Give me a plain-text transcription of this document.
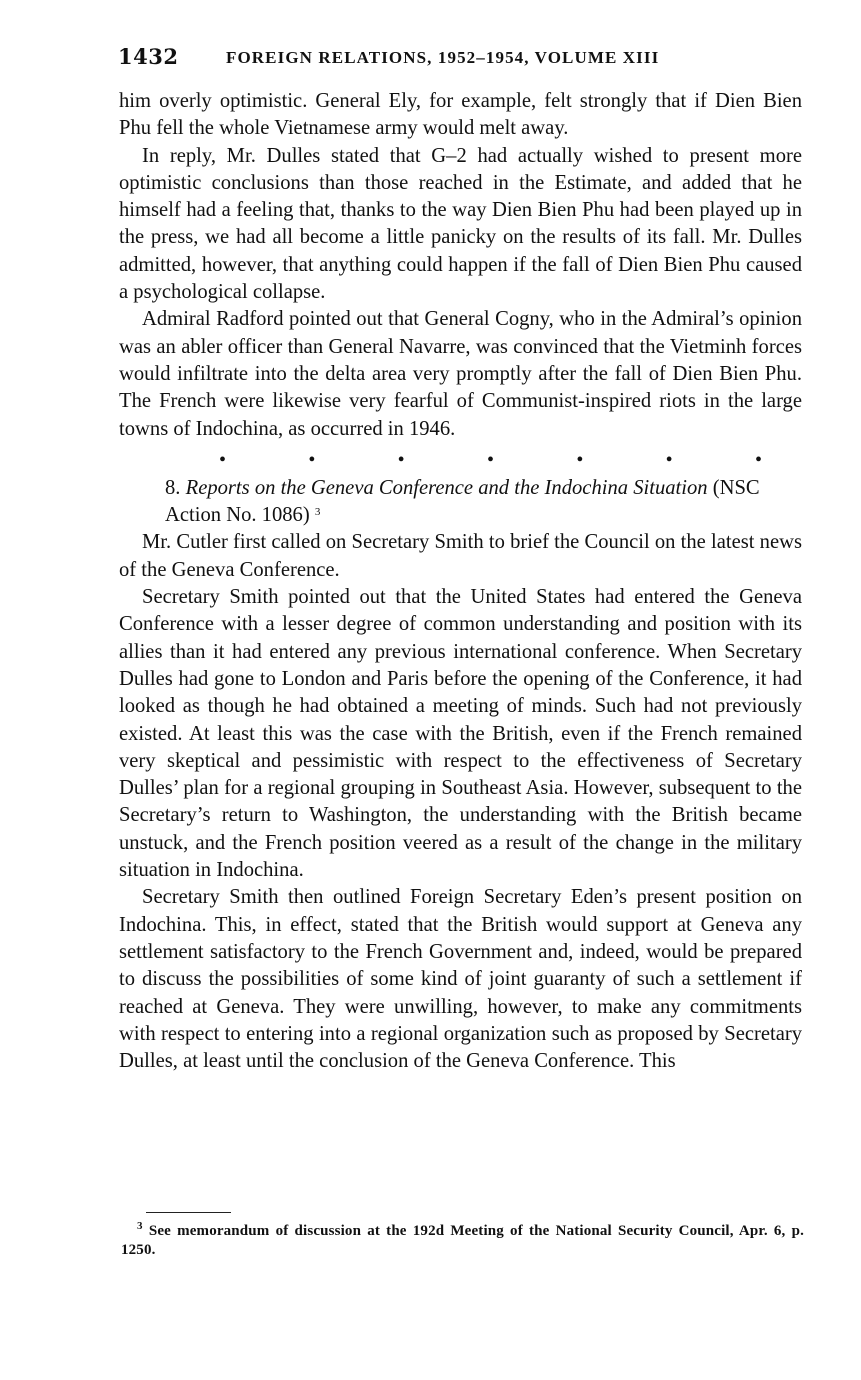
1432	FOREIGN RELATIONS, 1952–1954, VOLUME XIII

him overly optimistic. General Ely, for example, felt strongly that if Dien Bien Phu fell the whole Vietnamese army would melt away.

In reply, Mr. Dulles stated that G–2 had actually wished to present more optimistic conclusions than those reached in the Estimate, and added that he himself had a feeling that, thanks to the way Dien Bien Phu had been played up in the press, we had all become a little panicky on the results of its fall. Mr. Dulles admitted, however, that anything could happen if the fall of Dien Bien Phu caused a psychological collapse.

Admiral Radford pointed out that General Cogny, who in the Admiral’s opinion was an abler officer than General Navarre, was convinced that the Vietminh forces would infiltrate into the delta area very promptly after the fall of Dien Bien Phu. The French were likewise very fearful of Communist-inspired riots in the large towns of Indochina, as occurred in 1946.

•	•	•	•	•	•	•

8. Reports on the Geneva Conference and the Indochina Situation (NSC Action No. 1086) $^3$

Mr. Cutler first called on Secretary Smith to brief the Council on the latest news of the Geneva Conference.

Secretary Smith pointed out that the United States had entered the Geneva Conference with a lesser degree of common understanding and position with its allies than it had entered any previous international conference. When Secretary Dulles had gone to London and Paris before the opening of the Conference, it had looked as though he had obtained a meeting of minds. Such had not previously existed. At least this was the case with the British, even if the French remained very skeptical and pessimistic with respect to the effectiveness of Secretary Dulles’ plan for a regional grouping in Southeast Asia. However, subsequent to the Secretary’s return to Washington, the understanding with the British became unstuck, and the French position veered as a result of the change in the military situation in Indochina.

Secretary Smith then outlined Foreign Secretary Eden’s present position on Indochina. This, in effect, stated that the British would support at Geneva any settlement satisfactory to the French Government and, indeed, would be prepared to discuss the possibilities of some kind of joint guaranty of such a settlement if reached at Geneva. They were unwilling, however, to make any commitments with respect to entering into a regional organization such as proposed by Secretary Dulles, at least until the conclusion of the Geneva Conference. This

$^3$ See memorandum of discussion at the 192d Meeting of the National Security Council, Apr. 6, p. 1250.
